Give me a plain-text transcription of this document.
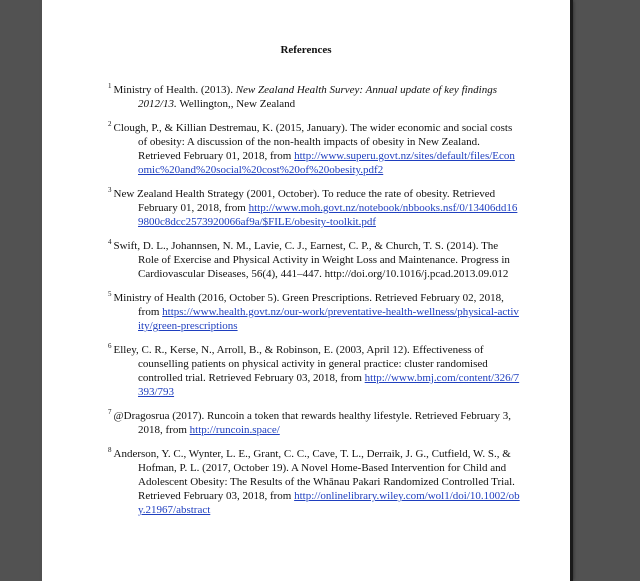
References
$^1$ Ministry of Health. (2013). New Zealand Health Survey: Annual update of key findings 2012/13. Wellington,, New Zealand
$^2$ Clough, P., & Killian Destremau, K. (2015, January). The wider economic and social costs of obesity: A discussion of the non-health impacts of obesity in New Zealand. Retrieved February 01, 2018, from http://www.superu.govt.nz/sites/default/files/Economic%20and%20social%20cost%20of%20obesity.pdf2
$^3$ New Zealand Health Strategy (2001, October). To reduce the rate of obesity. Retrieved February 01, 2018, from http://www.moh.govt.nz/notebook/nbbooks.nsf/0/13406dd169800c8dcc2573920066af9a/$FILE/obesity-toolkit.pdf
$^4$ Swift, D. L., Johannsen, N. M., Lavie, C. J., Earnest, C. P., & Church, T. S. (2014). The Role of Exercise and Physical Activity in Weight Loss and Maintenance. Progress in Cardiovascular Diseases, 56(4), 441–447. http://doi.org/10.1016/j.pcad.2013.09.012
$^5$ Ministry of Health (2016, October 5). Green Prescriptions. Retrieved February 02, 2018, from https://www.health.govt.nz/our-work/preventative-health-wellness/physical-activity/green-prescriptions
$^6$ Elley, C. R., Kerse, N., Arroll, B., & Robinson, E. (2003, April 12). Effectiveness of counselling patients on physical activity in general practice: cluster randomised controlled trial. Retrieved February 03, 2018, from http://www.bmj.com/content/326/7393/793
$^7$ @Dragosrua (2017). Runcoin a token that rewards healthy lifestyle. Retrieved February 3, 2018, from http://runcoin.space/
$^8$ Anderson, Y. C., Wynter, L. E., Grant, C. C., Cave, T. L., Derraik, J. G., Cutfield, W. S., & Hofman, P. L. (2017, October 19). A Novel Home-Based Intervention for Child and Adolescent Obesity: The Results of the Whānau Pakari Randomized Controlled Trial. Retrieved February 03, 2018, from http://onlinelibrary.wiley.com/wol1/doi/10.1002/oby.21967/abstract
